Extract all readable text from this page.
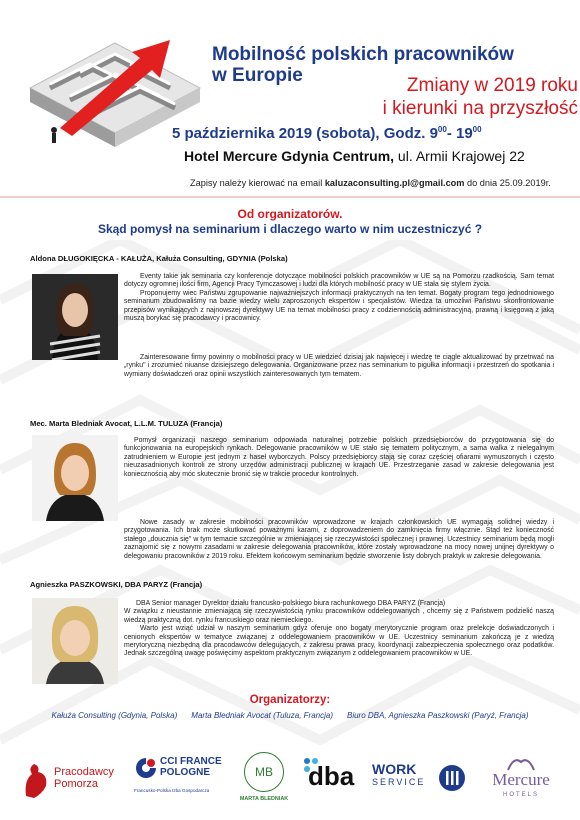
Mobilność polskich pracowników
w Europie	Zmiany w 2019 roku
i kierunki na przyszłość
5 października 2019 (sobota), Godz. $9^{00}-$ $19^{00}$
Hotel Mercure Gdynia Centrum, ul. Armii Krajowej 22
Zapisy należy kierować na email kaluzaconsulting.pl@gmail.com do dnia 25.09.2019r.
Od organizatorów.
Skąd pomysł na seminarium i dlaczego warto w nim uczestniczyć ?
Aldona DŁUGOKIĘCKA - KAŁUŻA, Kałuża Consulting, GDYNIA (Polska)

Eventy takie jak seminaria czy konferencje dotyczące mobilności polskich pracowników w UE są na Pomorzu rzadkością. Sam temat dotyczy ogromnej ilości firm, Agencji Pracy Tymczasowej i ludzi dla których mobilność pracy w UE stała się stylem życia.

Proponujemy wiec Państwu zgrupowanie najważniejszych informacji praktycznych na ten temat. Bogaty program tego jednodniowego seminarium zbudowaliśmy na bazie wiedzy wielu zaproszonych ekspertów i specjalistów. Wiedza ta umożliwi Państwu skonfrontowanie przepisów wynikających z najnowszej dyrektywy UE na temat mobilności pracy z codziennością administracyjną, prawną i księgową z jaką muszą borykać się pracodawcy i pracownicy.

Zainteresowane firmy powinny o mobilności pracy w UE wiedzieć dzisiaj jak najwięcej i wiedzę te ciągle aktualizować by przetrwać na „rynku" i zrozumieć niuanse dzisiejszego delegowania. Organizowane przez nas seminarium to pigułka informacji i przestrzeń do spotkania i wymiany doświadczeń oraz opinii wszystkich zainteresowanych tym tematem.

Mec. Marta Bledniak Avocat, L.L.M. TULUZA (Francja)

Pomysł organizacji naszego seminarium odpowiada naturalnej potrzebie polskich przedsiębiorców do przygotowania się do funkcjonowania na europejskich rynkach. Delegowanie pracowników w UE stało się tematem politycznym, a sama walka z nielegalnym zatrudnieniem w Europie jest jednym z haseł wyborczych. Polscy przedsiębiorcy stają się coraz częściej ofiarami wymuszonych i często nieuzasadnionych kontroli ze strony urzędów administracji publicznej w krajach UE. Przestrzeganie zasad w zakresie delegowania jest koniecznością aby móc skutecznie bronić się w trakcie procedur kontrolnych.

Nowe zasady w zakresie mobilności pracowników wprowadzone w krajach członkowskich UE wymagają solidnej wiedzy i przygotowania. Ich brak może skutkować poważnymi karami, z doprowadzeniem do zamknięcia firmy włącznie. Stąd też konieczność stałego „doucznia się" w tym temacie szczególnie w zmieniającej się rzeczywistości społecznej i prawnej. Uczestnicy seminarium będą mogli zaznajomić się z nowymi zasadami w zakresie delegowania pracowników, które zostały wprowadzone na mocy nowej unijnej dyrektywy o delegowaniu pracowników z 2019 roku. Efektem końcowym seminarium będzie stworzenie listy dobrych praktyk w zakresie delegowania.

Agnieszka PASZKOWSKI, DBA PARYZ (Francja)

DBA Senior manager Dyrektor działu francusko-polskiego biura rachunkowego DBA PARYZ (Francja)

W związku z nieustannie zmieniającą się rzeczywistością rynku pracowników oddelegowanych , chcemy się z Państwem podzielić naszą wiedzą praktyczną dot. rynku francuskiego oraz niemieckiego.

Warto jest wziąć udział w naszym seminarium gdyż oferuje ono bogaty merytorycznie program oraz prelekcje doświadczonych i cenionych ekspertów w tematyce związanej z oddelegowaniem pracowników w UE. Uczestnicy seminarium zakończą je z wiedzą merytoryczną niezbędną dla pracodawców delegujących, z zakresu prawa pracy, koordynacji zabezpieczenia społecznego oraz podatków. Jednak szczególną uwagę poświęcimy aspektom praktycznym związanym z oddelegowaniem pracowników w UE.

Organizatorzy:
Kałuża Consulting (Gdynia, Polska) Marta Bledniak Avocat (Tuluza, Francja) Biuro DBA, Agnieszka Paszkowski (Paryż, Francja)
Pracodawcy
Pomorza
CCI FRANCE
POLOGNE
Francusko-Polska Izba Gospodarcza
MB
MARTA BLEDNIAK
dba WORK
SERVICE	Mercure
HOTELS
